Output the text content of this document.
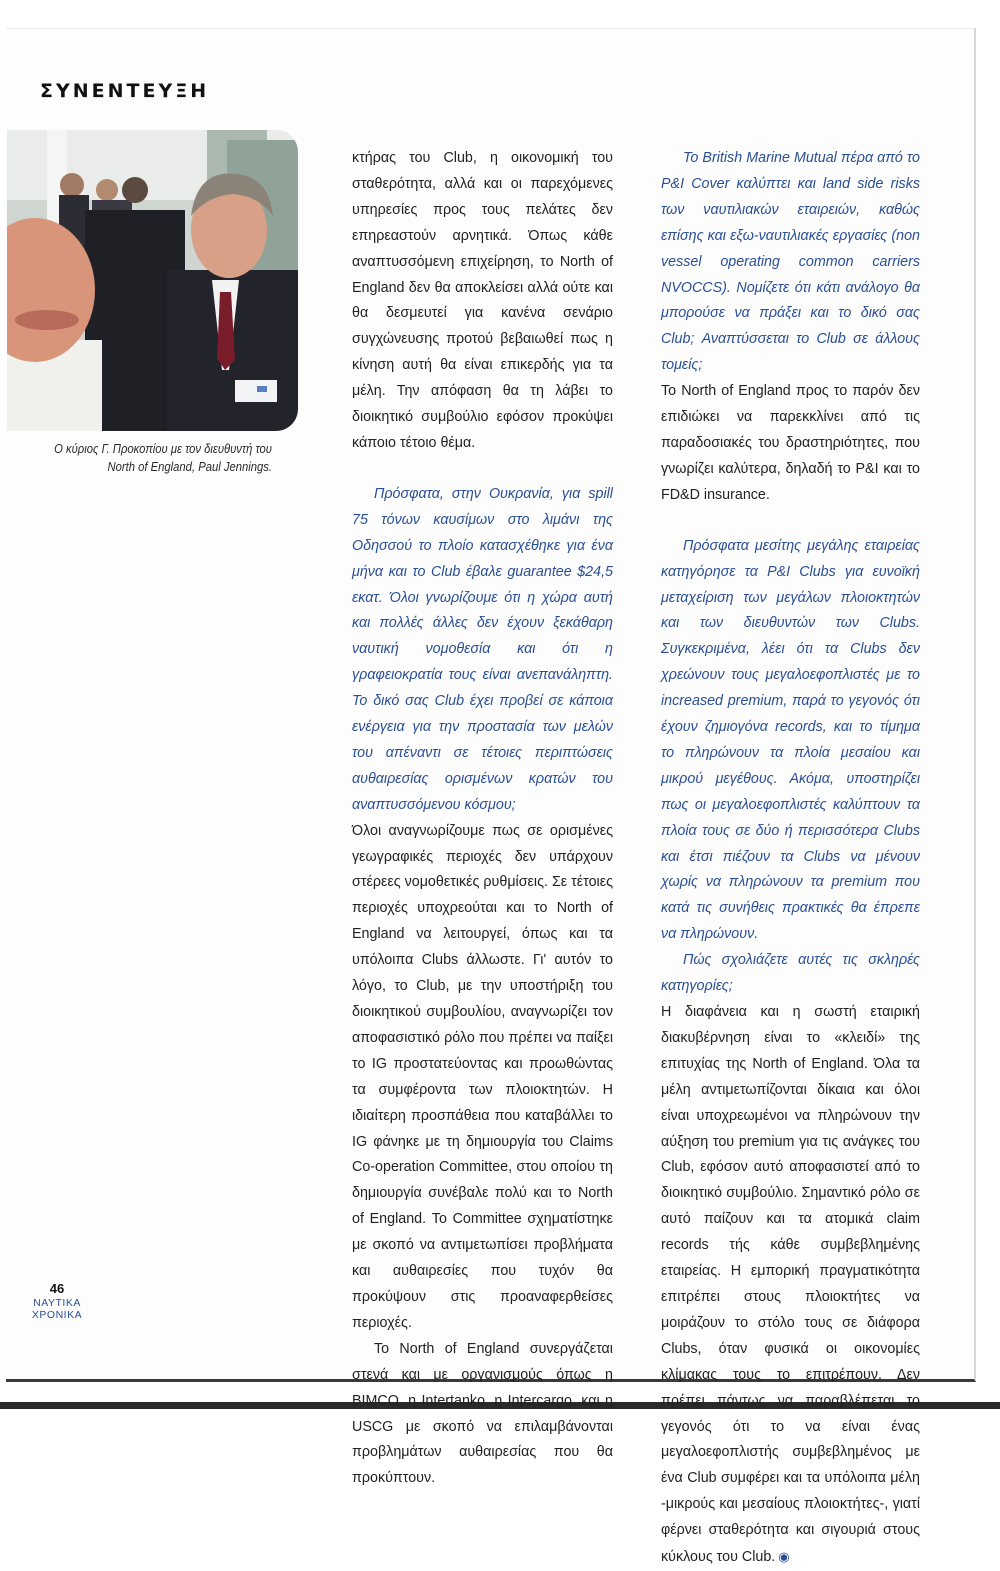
ΣΥΝΕΝΤΕΥΞΗ

Ο κύριος Γ. Προκοπίου με τον διευθυντή του
North of England, Paul Jennings.

κτήρας του Club, η οικονομική του σταθερότητα, αλλά και οι παρεχόμενες υπηρεσίες προς τους πελάτες δεν επηρεαστούν αρνητικά. Όπως κάθε αναπτυσσόμενη επιχείρηση, το North of England δεν θα αποκλείσει αλλά ούτε και θα δεσμευτεί για κανένα σενάριο συγχώνευσης προτού βεβαιωθεί πως η κίνηση αυτή θα είναι επικερδής για τα μέλη. Την απόφαση θα τη λάβει το διοικητικό συμβούλιο εφόσον προκύψει κάποιο τέτοιο θέμα.

Πρόσφατα, στην Ουκρανία, για spill 75 τόνων καυσίμων στο λιμάνι της Οδησσού το πλοίο κατασχέθηκε για ένα μήνα και το Club έβαλε guarantee $24,5 εκατ. Όλοι γνωρίζουμε ότι η χώρα αυτή και πολλές άλλες δεν έχουν ξεκάθαρη ναυτική νομοθεσία και ότι η γραφειοκρατία τους είναι ανεπανάληπτη. Το δικό σας Club έχει προβεί σε κάποια ενέργεια για την προστασία των μελών του απέναντι σε τέτοιες περιπτώσεις αυθαιρεσίας ορισμένων κρατών του αναπτυσσόμενου κόσμου;

Όλοι αναγνωρίζουμε πως σε ορισμένες γεωγραφικές περιοχές δεν υπάρχουν στέρεες νομοθετικές ρυθμίσεις. Σε τέτοιες περιοχές υποχρεούται και το North of England να λειτουργεί, όπως και τα υπόλοιπα Clubs άλλωστε. Γι' αυτόν το λόγο, το Club, με την υποστήριξη του διοικητικού συμβουλίου, αναγνωρίζει τον αποφασιστικό ρόλο που πρέπει να παίξει το IG προστατεύοντας και προωθώντας τα συμφέροντα των πλοιοκτητών. Η ιδιαίτερη προσπάθεια που καταβάλλει το IG φάνηκε με τη δημιουργία του Claims Co-operation Committee, στου οποίου τη δημιουργία συνέβαλε πολύ και το North of England. Το Committee σχηματίστηκε με σκοπό να αντιμετωπίσει προβλήματα και αυθαιρεσίες που τυχόν θα προκύψουν στις προαναφερθείσες περιοχές.

Το North of England συνεργάζεται στενά και με οργανισμούς όπως η BIMCO, η Intertanko, η Intercargo, και η USCG με σκοπό να επιλαμβάνονται προβλημάτων αυθαιρεσίας που θα προκύπτουν.

Το British Marine Mutual πέρα από το P&I Cover καλύπτει και land side risks των ναυτιλιακών εταιρειών, καθώς επίσης και εξω-ναυτιλιακές εργασίες (non vessel operating common carriers NVOCCS). Νομίζετε ότι κάτι ανάλογο θα μπορούσε να πράξει και το δικό σας Club; Αναπτύσσεται το Club σε άλλους τομείς;

Το North of England προς το παρόν δεν επιδιώκει να παρεκκλίνει από τις παραδοσιακές του δραστηριότητες, που γνωρίζει καλύτερα, δηλαδή το P&I και το FD&D insurance.

Πρόσφατα μεσίτης μεγάλης εταιρείας κατηγόρησε τα P&I Clubs για ευνοϊκή μεταχείριση των μεγάλων πλοιοκτητών και των διευθυντών των Clubs. Συγκεκριμένα, λέει ότι τα Clubs δεν χρεώνουν τους μεγαλοεφοπλιστές με το increased premium, παρά το γεγονός ότι έχουν ζημιογόνα records, και το τίμημα το πληρώνουν τα πλοία μεσαίου και μικρού μεγέθους. Ακόμα, υποστηρίζει πως οι μεγαλοεφοπλιστές καλύπτουν τα πλοία τους σε δύο ή περισσότερα Clubs και έτσι πιέζουν τα Clubs να μένουν χωρίς να πληρώνουν τα premium που κατά τις συνήθεις πρακτικές θα έπρεπε να πληρώνουν.

Πώς σχολιάζετε αυτές τις σκληρές κατηγορίες;

Η διαφάνεια και η σωστή εταιρική διακυβέρνηση είναι το «κλειδί» της επιτυχίας της North of England. Όλα τα μέλη αντιμετωπίζονται δίκαια και όλοι είναι υποχρεωμένοι να πληρώνουν την αύξηση του premium για τις ανάγκες του Club, εφόσον αυτό αποφασιστεί από το διοικητικό συμβούλιο. Σημαντικό ρόλο σε αυτό παίζουν και τα ατομικά claim records τής κάθε συμβεβλημένης εταιρείας. Η εμπορική πραγματικότητα επιτρέπει στους πλοιοκτήτες να μοιράζουν το στόλο τους σε διάφορα Clubs, όταν φυσικά οι οικονομίες κλίμακας τους το επιτρέπουν. Δεν πρέπει πάντως να παραβλέπεται το γεγονός ότι το να είναι ένας μεγαλοεφοπλιστής συμβεβλημένος με ένα Club συμφέρει και τα υπόλοιπα μέλη -μικρούς και μεσαίους πλοιοκτήτες-, γιατί φέρνει σταθερότητα και σιγουριά στους κύκλους του Club. ◉

46
ΝΑΥΤΙΚΑ
ΧΡΟΝΙΚΑ
